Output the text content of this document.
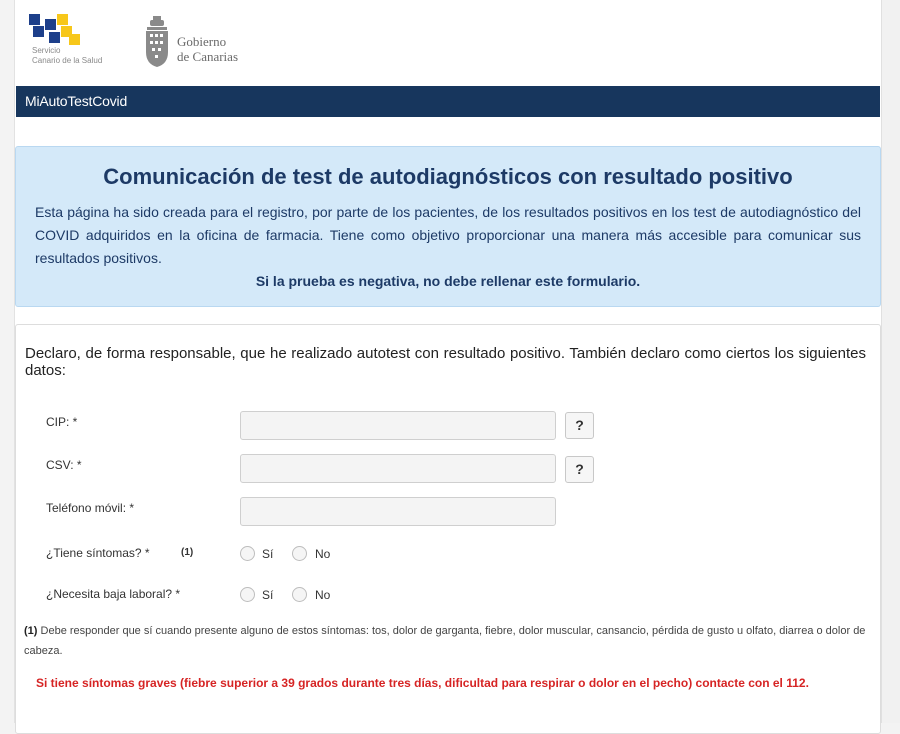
Servicio
Canario de la Salud
Gobierno
de Canarias
MiAutoTestCovid
Comunicación de test de autodiagnósticos con resultado positivo

Esta página ha sido creada para el registro, por parte de los pacientes, de los resultados positivos en los test de autodiagnóstico del COVID adquiridos en la oficina de farmacia. Tiene como objetivo proporcionar una manera más accesible para comunicar sus resultados positivos.

Si la prueba es negativa, no debe rellenar este formulario.
Declaro, de forma responsable, que he realizado autotest con resultado positivo. También declaro como ciertos los siguientes datos:
CIP: *	?
CSV: *	?
Teléfono móvil: *
¿Tiene síntomas? *	(1)	Sí	No
¿Necesita baja laboral? *	Sí	No
(1) Debe responder que sí cuando presente alguno de estos síntomas: tos, dolor de garganta, fiebre, dolor muscular, cansancio, pérdida de gusto u olfato, diarrea o dolor de cabeza.
Si tiene síntomas graves (fiebre superior a 39 grados durante tres días, dificultad para respirar o dolor en el pecho) contacte con el 112.
